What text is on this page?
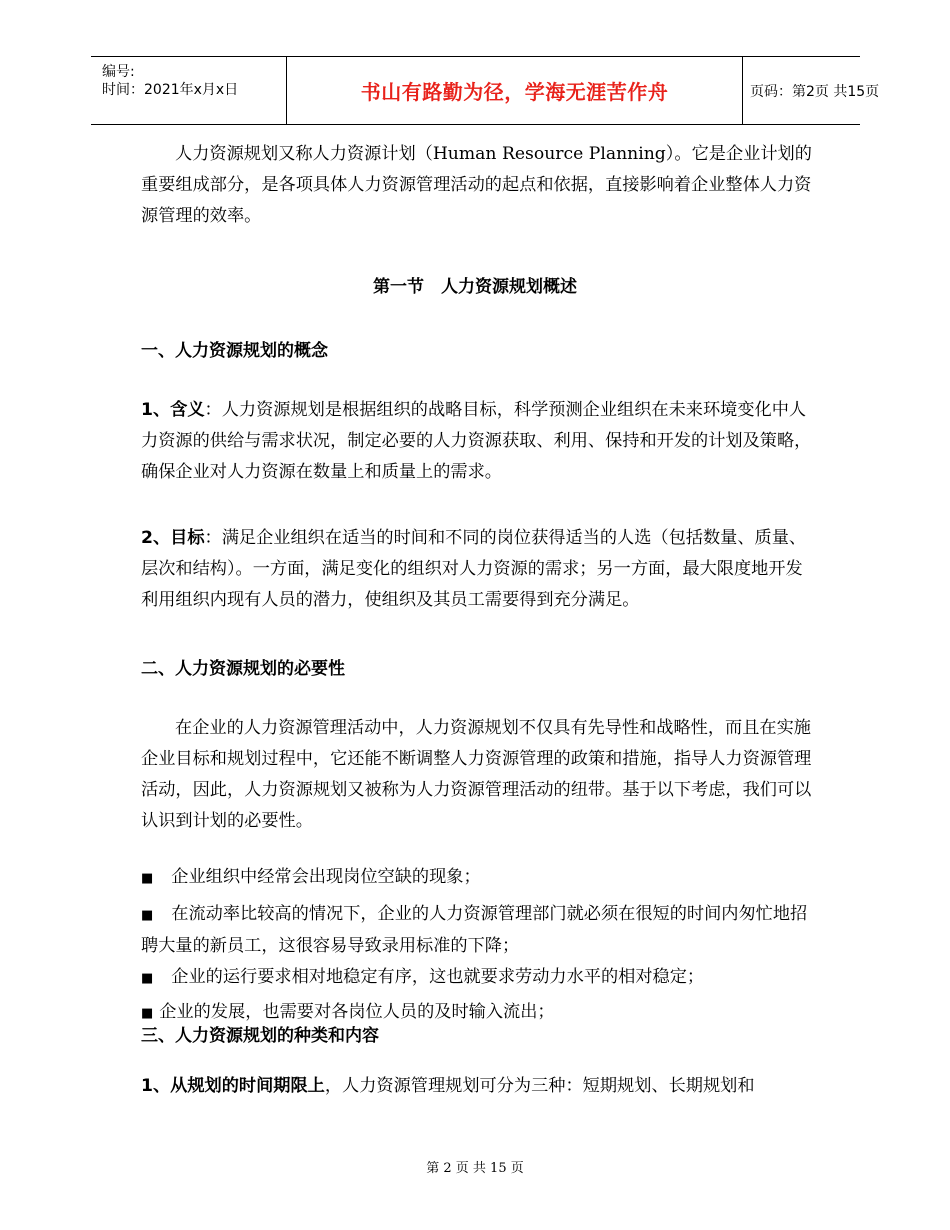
编号:
时间：2021年x月x日	书山有路勤为径，学海无涯苦作舟	页码：第2页 共15页
人力资源规划又称人力资源计划（Human Resource Planning）。它是企业计划的重要组成部分，是各项具体人力资源管理活动的起点和依据，直接影响着企业整体人力资源管理的效率。
第一节　人力资源规划概述
一、人力资源规划的概念
1、含义：人力资源规划是根据组织的战略目标，科学预测企业组织在未来环境变化中人力资源的供给与需求状况，制定必要的人力资源获取、利用、保持和开发的计划及策略，确保企业对人力资源在数量上和质量上的需求。
2、目标：满足企业组织在适当的时间和不同的岗位获得适当的人选（包括数量、质量、层次和结构）。一方面，满足变化的组织对人力资源的需求；另一方面，最大限度地开发利用组织内现有人员的潜力，使组织及其员工需要得到充分满足。
二、人力资源规划的必要性
在企业的人力资源管理活动中，人力资源规划不仅具有先导性和战略性，而且在实施企业目标和规划过程中，它还能不断调整人力资源管理的政策和措施，指导人力资源管理活动，因此，人力资源规划又被称为人力资源管理活动的纽带。基于以下考虑，我们可以认识到计划的必要性。
■ 企业组织中经常会出现岗位空缺的现象；
■ 在流动率比较高的情况下，企业的人力资源管理部门就必须在很短的时间内匆忙地招聘大量的新员工，这很容易导致录用标准的下降；
■ 企业的运行要求相对地稳定有序，这也就要求劳动力水平的相对稳定；
■ 企业的发展，也需要对各岗位人员的及时输入流出；
三、人力资源规划的种类和内容
1、从规划的时间期限上，人力资源管理规划可分为三种：短期规划、长期规划和
第 2 页 共 15 页
